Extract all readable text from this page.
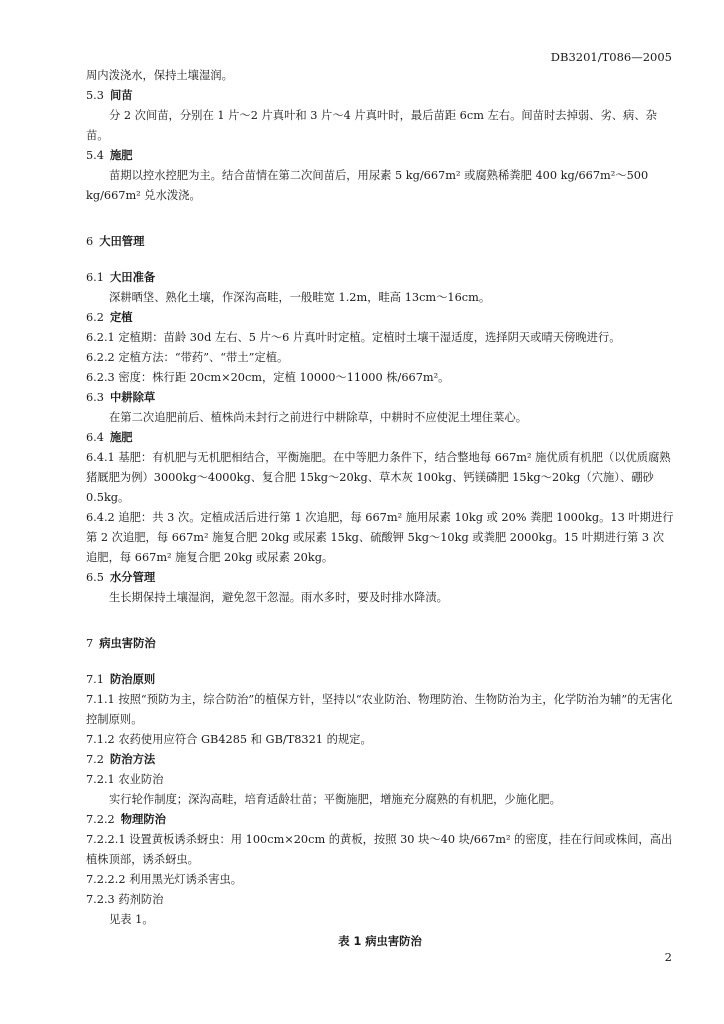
DB3201/T086—2005

周内泼浇水，保持土壤湿润。

5.3 间苗

分 2 次间苗，分别在 1 片～2 片真叶和 3 片～4 片真叶时，最后苗距 6cm 左右。间苗时去掉弱、劣、病、杂苗。

5.4 施肥

苗期以控水控肥为主。结合苗情在第二次间苗后，用尿素 5 kg/667m² 或腐熟稀粪肥 400 kg/667m²～500 kg/667m² 兑水泼浇。

6 大田管理
6.1 大田准备

深耕晒垡、熟化土壤，作深沟高畦，一般畦宽 1.2m，畦高 13cm～16cm。

6.2 定植

6.2.1 定植期：苗龄 30d 左右、5 片～6 片真叶时定植。定植时土壤干湿适度，选择阴天或晴天傍晚进行。

6.2.2 定植方法：“带药”、“带土”定植。

6.2.3 密度：株行距 20cm×20cm，定植 10000～11000 株/667m²。

6.3 中耕除草

在第二次追肥前后、植株尚未封行之前进行中耕除草，中耕时不应使泥土埋住菜心。

6.4 施肥

6.4.1 基肥：有机肥与无机肥相结合，平衡施肥。在中等肥力条件下，结合整地每 667m² 施优质有机肥（以优质腐熟猪厩肥为例）3000kg～4000kg、复合肥 15kg～20kg、草木灰 100kg、钙镁磷肥 15kg～20kg（穴施）、硼砂 0.5kg。

6.4.2 追肥：共 3 次。定植成活后进行第 1 次追肥，每 667m² 施用尿素 10kg 或 20% 粪肥 1000kg。13 叶期进行第 2 次追肥，每 667m² 施复合肥 20kg 或尿素 15kg、硫酸钾 5kg～10kg 或粪肥 2000kg。15 叶期进行第 3 次追肥，每 667m² 施复合肥 20kg 或尿素 20kg。

6.5 水分管理

生长期保持土壤湿润，避免忽干忽湿。雨水多时，要及时排水降渍。

7 病虫害防治
7.1 防治原则

7.1.1 按照“预防为主，综合防治”的植保方针，坚持以“农业防治、物理防治、生物防治为主，化学防治为辅”的无害化控制原则。

7.1.2 农药使用应符合 GB4285 和 GB/T8321 的规定。

7.2 防治方法

7.2.1 农业防治

实行轮作制度；深沟高畦，培育适龄壮苗；平衡施肥，增施充分腐熟的有机肥，少施化肥。

7.2.2 物理防治

7.2.2.1 设置黄板诱杀蚜虫：用 100cm×20cm 的黄板，按照 30 块～40 块/667m² 的密度，挂在行间或株间，高出植株顶部，诱杀蚜虫。

7.2.2.2 利用黑光灯诱杀害虫。

7.2.3 药剂防治

见表 1。

表 1 病虫害防治
2
